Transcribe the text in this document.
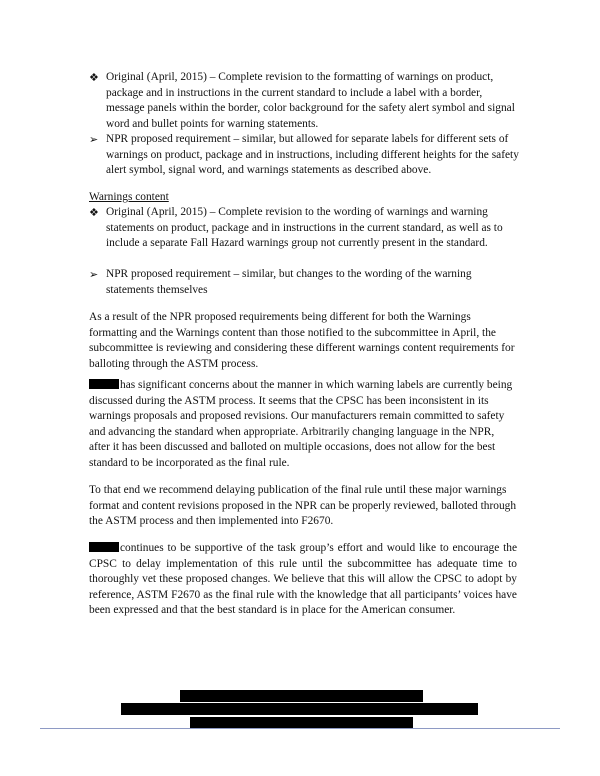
❖ Original (April, 2015) – Complete revision to the formatting of warnings on product, package and in instructions in the current standard to include a label with a border, message panels within the border, color background for the safety alert symbol and signal word and bullet points for warning statements.
➢ NPR proposed requirement – similar, but allowed for separate labels for different sets of warnings on product, package and in instructions, including different heights for the safety alert symbol, signal word, and warnings statements as described above.
Warnings content
❖ Original (April, 2015) – Complete revision to the wording of warnings and warning statements on product, package and in instructions in the current standard, as well as to include a separate Fall Hazard warnings group not currently present in the standard.
➢ NPR proposed requirement – similar, but changes to the wording of the warning statements themselves
As a result of the NPR proposed requirements being different for both the Warnings formatting and the Warnings content than those notified to the subcommittee in April, the subcommittee is reviewing and considering these different warnings content requirements for balloting through the ASTM process.
has significant concerns about the manner in which warning labels are currently being discussed during the ASTM process. It seems that the CPSC has been inconsistent in its warnings proposals and proposed revisions. Our manufacturers remain committed to safety and advancing the standard when appropriate. Arbitrarily changing language in the NPR, after it has been discussed and balloted on multiple occasions, does not allow for the best standard to be incorporated as the final rule.
To that end we recommend delaying publication of the final rule until these major warnings format and content revisions proposed in the NPR can be properly reviewed, balloted through the ASTM process and then implemented into F2670.
continues to be supportive of the task group’s effort and would like to encourage the CPSC to delay implementation of this rule until the subcommittee has adequate time to thoroughly vet these proposed changes. We believe that this will allow the CPSC to adopt by reference, ASTM F2670 as the final rule with the knowledge that all participants’ voices have been expressed and that the best standard is in place for the American consumer.
